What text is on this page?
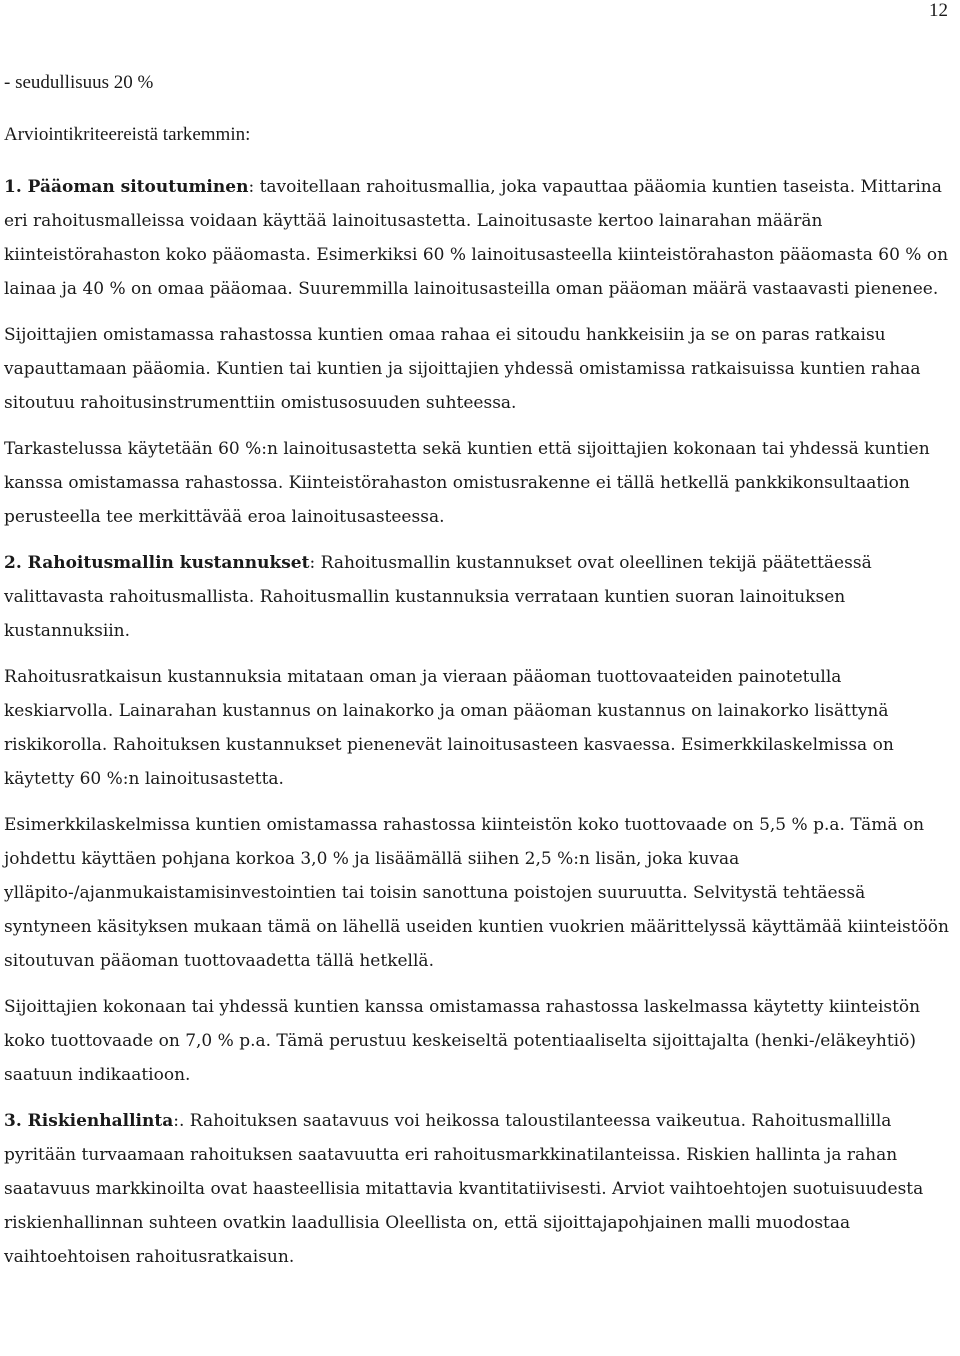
12

- seudullisuus 20 %

Arviointikriteereistä tarkemmin:

1. Pääoman sitoutuminen: tavoitellaan rahoitusmallia, joka vapauttaa pääomia kuntien taseista. Mittarina eri rahoitusmalleissa voidaan käyttää lainoitusastetta. Lainoitusaste kertoo lainarahan määrän kiinteistörahaston koko pääomasta. Esimerkiksi 60 % lainoitusasteella kiinteistörahaston pääomasta 60 % on lainaa ja 40 % on omaa pääomaa. Suuremmilla lainoitusasteilla oman pääoman määrä vastaavasti pienenee.

Sijoittajien omistamassa rahastossa kuntien omaa rahaa ei sitoudu hankkeisiin ja se on paras ratkaisu vapauttamaan pääomia. Kuntien tai kuntien ja sijoittajien yhdessä omistamissa ratkaisuissa kuntien rahaa sitoutuu rahoitusinstrumenttiin omistusosuuden suhteessa.

Tarkastelussa käytetään 60 %:n lainoitusastetta sekä kuntien että sijoittajien kokonaan tai yhdessä kuntien kanssa omistamassa rahastossa. Kiinteistörahaston omistusrakenne ei tällä hetkellä pankkikonsultaation perusteella tee merkittävää eroa lainoitusasteessa.

2. Rahoitusmallin kustannukset: Rahoitusmallin kustannukset ovat oleellinen tekijä päätettäessä valittavasta rahoitusmallista. Rahoitusmallin kustannuksia verrataan kuntien suoran lainoituksen kustannuksiin.

Rahoitusratkaisun kustannuksia mitataan oman ja vieraan pääoman tuottovaateiden painotetulla keskiarvolla. Lainarahan kustannus on lainakorko ja oman pääoman kustannus on lainakorko lisättynä riskikorolla. Rahoituksen kustannukset pienenevät lainoitusasteen kasvaessa. Esimerkkilaskelmissa on käytetty 60 %:n lainoitusastetta.

Esimerkkilaskelmissa kuntien omistamassa rahastossa kiinteistön koko tuottovaade on 5,5 % p.a. Tämä on johdettu käyttäen pohjana korkoa 3,0 % ja lisäämällä siihen 2,5 %:n lisän, joka kuvaa ylläpito-/ajanmukaistamisinvestointien tai toisin sanottuna poistojen suuruutta. Selvitystä tehtäessä syntyneen käsityksen mukaan tämä on lähellä useiden kuntien vuokrien määrittelyssä käyttämää kiinteistöön sitoutuvan pääoman tuottovaadetta tällä hetkellä.

Sijoittajien kokonaan tai yhdessä kuntien kanssa omistamassa rahastossa laskelmassa käytetty kiinteistön koko tuottovaade on 7,0 % p.a. Tämä perustuu keskeiseltä potentiaaliselta sijoittajalta (henki-/eläkeyhtiö) saatuun indikaatioon.

3. Riskienhallinta:. Rahoituksen saatavuus voi heikossa taloustilanteessa vaikeutua. Rahoitusmallilla pyritään turvaamaan rahoituksen saatavuutta eri rahoitusmarkkinatilanteissa. Riskien hallinta ja rahan saatavuus markkinoilta ovat haasteellisia mitattavia kvantitatiivisesti. Arviot vaihtoehtojen suotuisuudesta riskienhallinnan suhteen ovatkin laadullisia Oleellista on, että sijoittajapohjainen malli muodostaa vaihtoehtoisen rahoitusratkaisun.
